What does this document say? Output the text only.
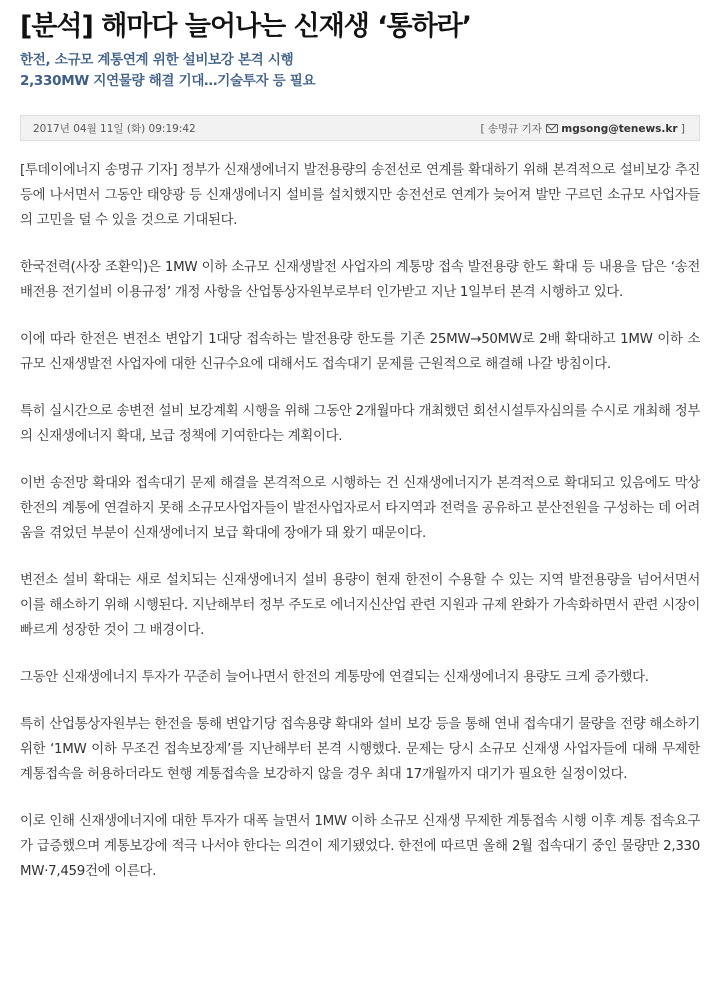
[분석] 해마다 늘어나는 신재생 ‘통하라’
한전, 소규모 계통연계 위한 설비보강 본격 시행
2,330MW 지연물량 해결 기대…기술투자 등 필요
2017년 04월 11일 (화) 09:19:42	[ 송명규 기자 mgsong@tenews.kr ]

[투데이에너지 송명규 기자] 정부가 신재생에너지 발전용량의 송전선로 연계를 확대하기 위해 본격적으로 설비보강 추진 등에 나서면서 그동안 태양광 등 신재생에너지 설비를 설치했지만 송전선로 연계가 늦어져 발만 구르던 소규모 사업자들의 고민을 덜 수 있을 것으로 기대된다.

한국전력(사장 조환익)은 1MW 이하 소규모 신재생발전 사업자의 계통망 접속 발전용량 한도 확대 등 내용을 담은 ‘송전배전용 전기설비 이용규정’ 개정 사항을 산업통상자원부로부터 인가받고 지난 1일부터 본격 시행하고 있다.

이에 따라 한전은 변전소 변압기 1대당 접속하는 발전용량 한도를 기존 25MW→50MW로 2배 확대하고 1MW 이하 소규모 신재생발전 사업자에 대한 신규수요에 대해서도 접속대기 문제를 근원적으로 해결해 나갈 방침이다.

특히 실시간으로 송변전 설비 보강계획 시행을 위해 그동안 2개월마다 개최했던 회선시설투자심의를 수시로 개최해 정부의 신재생에너지 확대, 보급 정책에 기여한다는 계획이다.

이번 송전망 확대와 접속대기 문제 해결을 본격적으로 시행하는 건 신재생에너지가 본격적으로 확대되고 있음에도 막상 한전의 계통에 연결하지 못해 소규모사업자들이 발전사업자로서 타지역과 전력을 공유하고 분산전원을 구성하는 데 어려움을 겪었던 부분이 신재생에너지 보급 확대에 장애가 돼 왔기 때문이다.

변전소 설비 확대는 새로 설치되는 신재생에너지 설비 용량이 현재 한전이 수용할 수 있는 지역 발전용량을 넘어서면서 이를 해소하기 위해 시행된다. 지난해부터 정부 주도로 에너지신산업 관련 지원과 규제 완화가 가속화하면서 관련 시장이 빠르게 성장한 것이 그 배경이다.

그동안 신재생에너지 투자가 꾸준히 늘어나면서 한전의 계통망에 연결되는 신재생에너지 용량도 크게 증가했다.

특히 산업통상자원부는 한전을 통해 변압기당 접속용량 확대와 설비 보강 등을 통해 연내 접속대기 물량을 전량 해소하기 위한 ‘1MW 이하 무조건 접속보장제’를 지난해부터 본격 시행했다. 문제는 당시 소규모 신재생 사업자들에 대해 무제한 계통접속을 허용하더라도 현행 계통접속을 보강하지 않을 경우 최대 17개월까지 대기가 필요한 실정이었다.

이로 인해 신재생에너지에 대한 투자가 대폭 늘면서 1MW 이하 소규모 신재생 무제한 계통접속 시행 이후 계통 접속요구가 급증했으며 계통보강에 적극 나서야 한다는 의견이 제기됐었다. 한전에 따르면 올해 2월 접속대기 중인 물량만 2,330MW·7,459건에 이른다.
